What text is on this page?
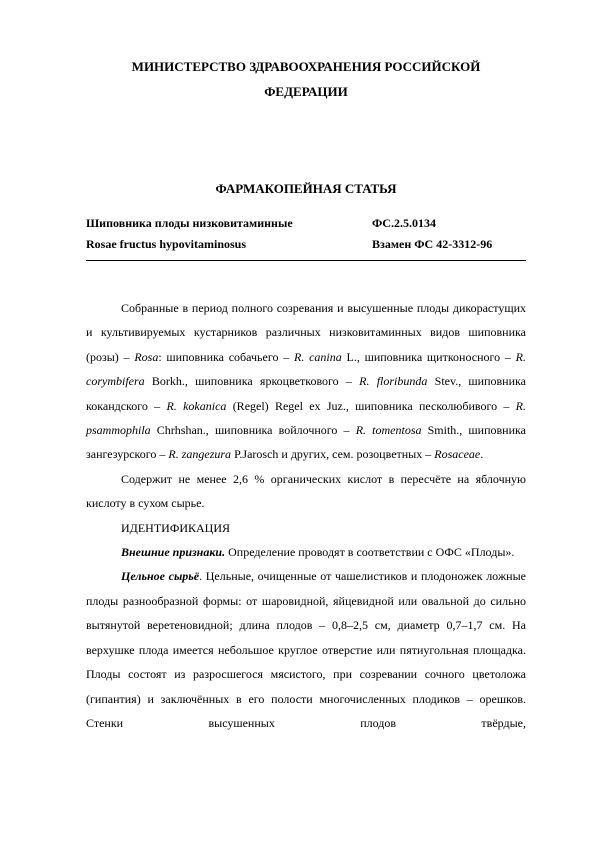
МИНИСТЕРСТВО ЗДРАВООХРАНЕНИЯ РОССИЙСКОЙ
ФЕДЕРАЦИИ
ФАРМАКОПЕЙНАЯ СТАТЬЯ
Шиповника плоды низковитаминные	ФС.2.5.0134
Rosae fructus hypovitaminosus	Взамен ФС 42-3312-96

Собранные в период полного созревания и высушенные плоды дикорастущих и культивируемых кустарников различных низковитаминных видов шиповника (розы) – Rosa: шиповника собачьего – R. canina L., шиповника щитконосного – R. corymbifera Borkh., шиповника яркоцветкового – R. floribunda Stev., шиповника кокандского – R. kokanica (Regel) Regel ex Juz., шиповника песколюбивого – R. psammophila Chrhshan., шиповника войлочного – R. tomentosa Smith., шиповника зангезурского – R. zangezura P.Jarosch и других, сем. розоцветных – Rosaceae.

Содержит не менее 2,6 % органических кислот в пересчёте на яблочную кислоту в сухом сырье.

ИДЕНТИФИКАЦИЯ

Внешние признаки. Определение проводят в соответствии с ОФС «Плоды».

Цельное сырьё. Цельные, очищенные от чашелистиков и плодоножек ложные плоды разнообразной формы: от шаровидной, яйцевидной или овальной до сильно вытянутой веретеновидной; длина плодов – 0,8–2,5 см, диаметр 0,7–1,7 см. На верхушке плода имеется небольшое круглое отверстие или пятиугольная площадка. Плоды состоят из разросшегося мясистого, при созревании сочного цветоложа (гипантия) и заключённых в его полости многочисленных плодиков – орешков. Стенки высушенных плодов твёрдые,
